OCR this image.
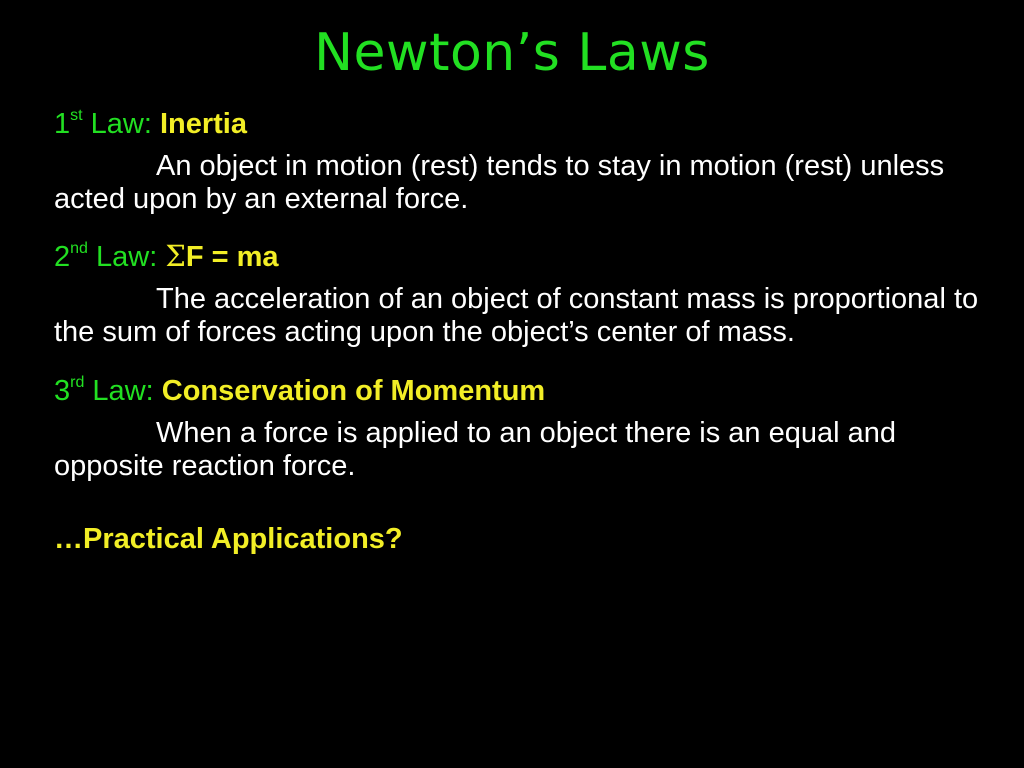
Newton’s Laws

1st Law: Inertia

An object in motion (rest) tends to stay in motion (rest) unless acted upon by an external force.

2nd Law: ΣF = ma

The acceleration of an object of constant mass is proportional to the sum of forces acting upon the object’s center of mass.

3rd Law: Conservation of Momentum

When a force is applied to an object there is an equal and opposite reaction force.

…Practical Applications?
